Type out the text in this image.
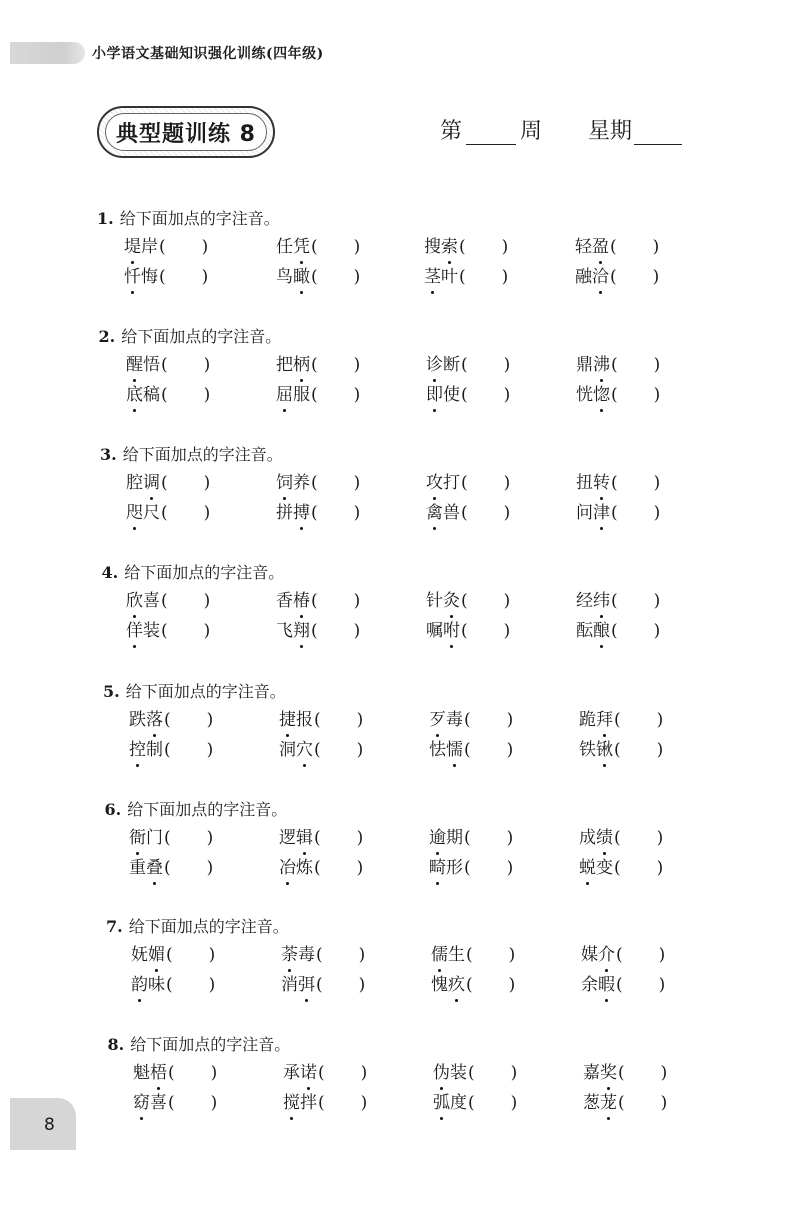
小学语文基础知识强化训练(四年级)
典型题训练 8	第	周 星期
1. 给下面加点的字注音。
堤岸( )	任凭( )	搜索( )	轻盈( )
忏悔( )	鸟瞰( )	茎叶( )	融洽( )
2. 给下面加点的字注音。
醒悟( )	把柄( )	诊断( )	鼎沸( )
底稿( )	屈服( )	即使( )	恍惚( )
3. 给下面加点的字注音。
腔调( )	饲养( )	攻打( )	扭转( )
咫尺( )	拼搏( )	禽兽( )	问津( )
4. 给下面加点的字注音。
欣喜( )	香椿( )	针灸( )	经纬( )
佯装( )	飞翔( )	嘱咐( )	酝酿( )
5. 给下面加点的字注音。
跌落( )	捷报( )	歹毒( )	跪拜( )
控制( )	洞穴( )	怯懦( )	铁锹( )
6. 给下面加点的字注音。
衙门( )	逻辑( )	逾期( )	成绩( )
重叠( )	冶炼( )	畸形( )	蜕变( )
7. 给下面加点的字注音。
妩媚( )	荼毒( )	儒生( )	媒介( )
韵味( )	消弭( )	愧疚( )	余暇( )
8. 给下面加点的字注音。
魁梧( )	承诺( )	伪装( )	嘉奖( )
窈喜( )	搅拌( )	弧度( )	葱茏( )
8
